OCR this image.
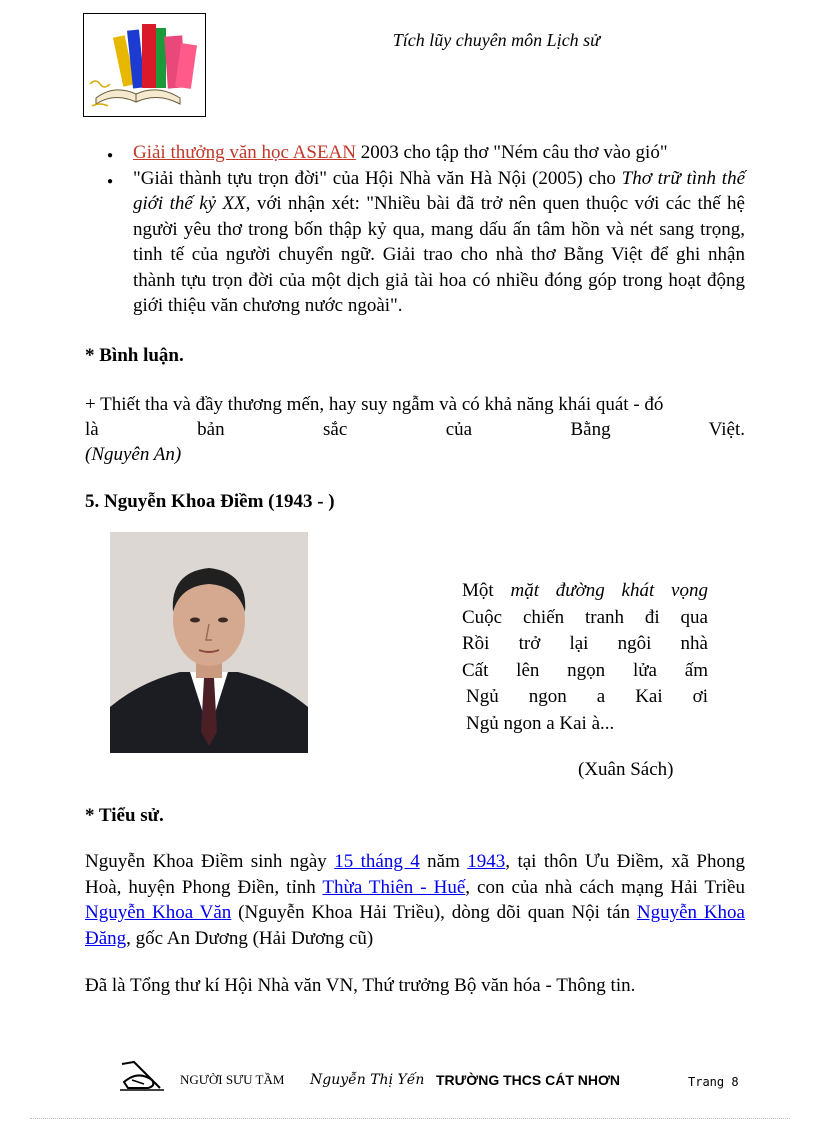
Tích lũy chuyên môn Lịch sử
● Giải thưởng văn học ASEAN 2003 cho tập thơ "Ném câu thơ vào gió"
● "Giải thành tựu trọn đời" của Hội Nhà văn Hà Nội (2005) cho Thơ trữ tình thế giới thế kỷ XX, với nhận xét: "Nhiều bài đã trở nên quen thuộc với các thế hệ người yêu thơ trong bốn thập kỷ qua, mang dấu ấn tâm hồn và nét sang trọng, tinh tế của người chuyển ngữ. Giải trao cho nhà thơ Bằng Việt để ghi nhận thành tựu trọn đời của một dịch giả tài hoa có nhiều đóng góp trong hoạt động giới thiệu văn chương nước ngoài".
* Bình luận.
+ Thiết tha và đầy thương mến, hay suy ngẫm và có khả năng khái quát - đó
là bản sắc của Bằng Việt.
(Nguyên An)
5. Nguyễn Khoa Điềm (1943 - )
Một mặt đường khát vọng
Cuộc chiến tranh đi qua
Rồi trở lại ngôi nhà
Cất lên ngọn lửa ấm
Ngủ ngon a Kai ơi
Ngủ ngon a Kai à...
(Xuân Sách)
* Tiểu sử.
Nguyễn Khoa Điềm sinh ngày 15 tháng 4 năm 1943, tại thôn Ưu Điềm, xã Phong Hoà, huyện Phong Điền, tỉnh Thừa Thiên - Huế, con của nhà cách mạng Hải Triều Nguyễn Khoa Văn (Nguyễn Khoa Hải Triều), dòng dõi quan Nội tán Nguyễn Khoa Đăng, gốc An Dương (Hải Dương cũ)
Đã là Tổng thư kí Hội Nhà văn VN, Thứ trưởng Bộ văn hóa - Thông tin.
NGƯỜI SƯU TẦM Nguyễn Thị Yến TRƯỜNG THCS CÁT NHƠN	Trang 8
